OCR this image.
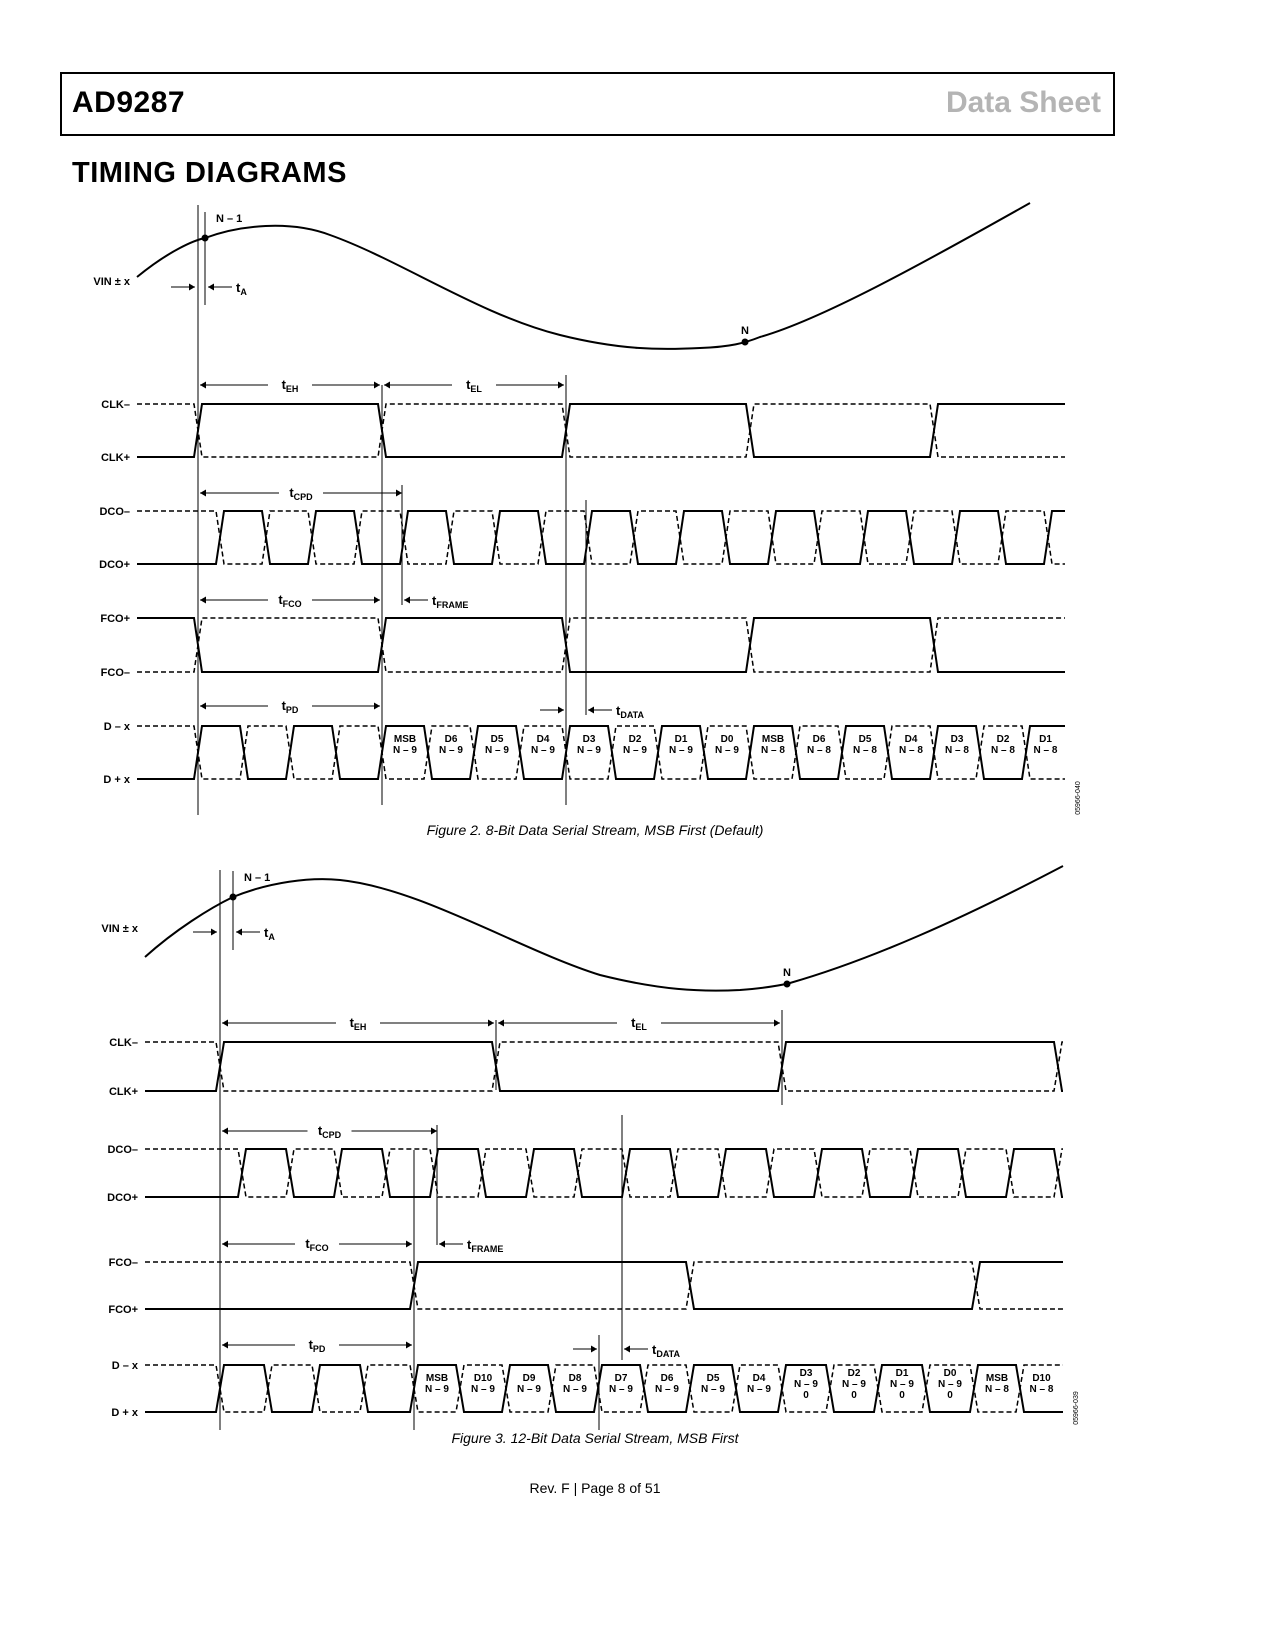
AD9287	Data Sheet
TIMING DIAGRAMS
N – 1
N
VIN ± x	$t_A$
CLK–
CLK+
$t_{EH}$	$t_{EL}$
DCO–
DCO+
$t_{CPD}$
FCO+
FCO–
$t_{FCO}$	$t_{FRAME}$
D – x
D + x
$t_{PD}$	$t_{DATA}$
MSB
N – 9
D6
N – 9
D5
N – 9
D4
N – 9
D3
N – 9
D2
N – 9
D1
N – 9
D0
N – 9
MSB
N – 8
D6
N – 8
D5
N – 8
D4
N – 8
D3
N – 8
D2
N – 8
D1
N – 8
05966-040
Figure 2. 8-Bit Data Serial Stream, MSB First (Default)
N – 1
N
VIN ± x	$t_A$
CLK–
CLK+
$t_{EH}$	$t_{EL}$
DCO–
DCO+
$t_{CPD}$
FCO–
FCO+
$t_{FCO}$	$t_{FRAME}$
D – x
D + x
$t_{PD}$	$t_{DATA}$
MSB
N – 9
D10
N – 9
D9
N – 9
D8
N – 9
D7
N – 9
D6
N – 9
D5
N – 9
D4
N – 9
D3
N – 9
0
D2
N – 9
0
D1
N – 9
0
D0
N – 9
0
MSB
N – 8
D10
N – 8
05966-039
Figure 3. 12-Bit Data Serial Stream, MSB First
Rev. F | Page 8 of 51
